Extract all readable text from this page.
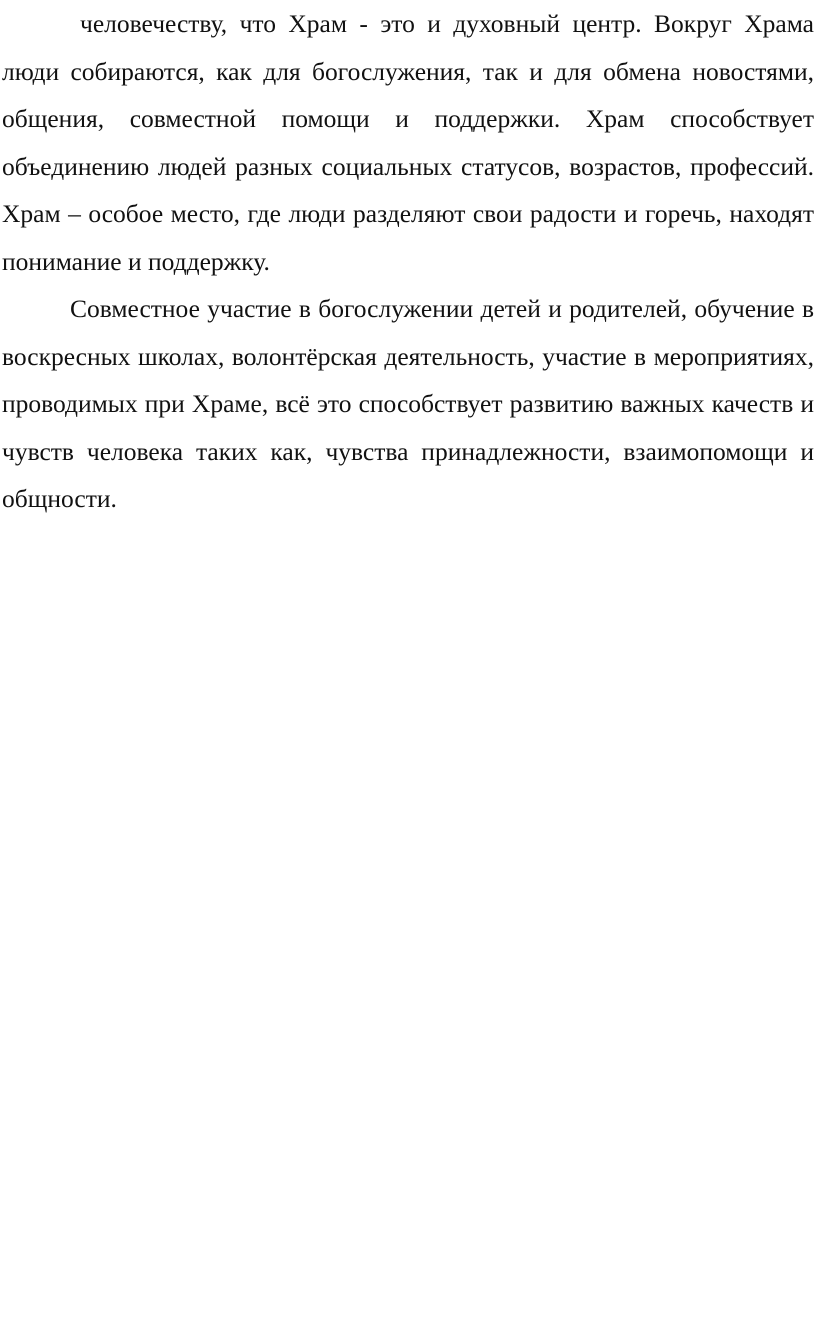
человечеству, что Храм - это и духовный центр. Вокруг Храма люди собираются, как для богослужения, так и для обмена новостями, общения, совместной помощи и поддержки. Храм способствует объединению людей разных социальных статусов, возрастов, профессий. Храм – особое место, где люди разделяют свои радости и горечь, находят понимание и поддержку.

Совместное участие в богослужении детей и родителей, обучение в воскресных школах, волонтёрская деятельность, участие в мероприятиях, проводимых при Храме, всё это способствует развитию важных качеств и чувств человека таких как, чувства принадлежности, взаимопомощи и общности.
